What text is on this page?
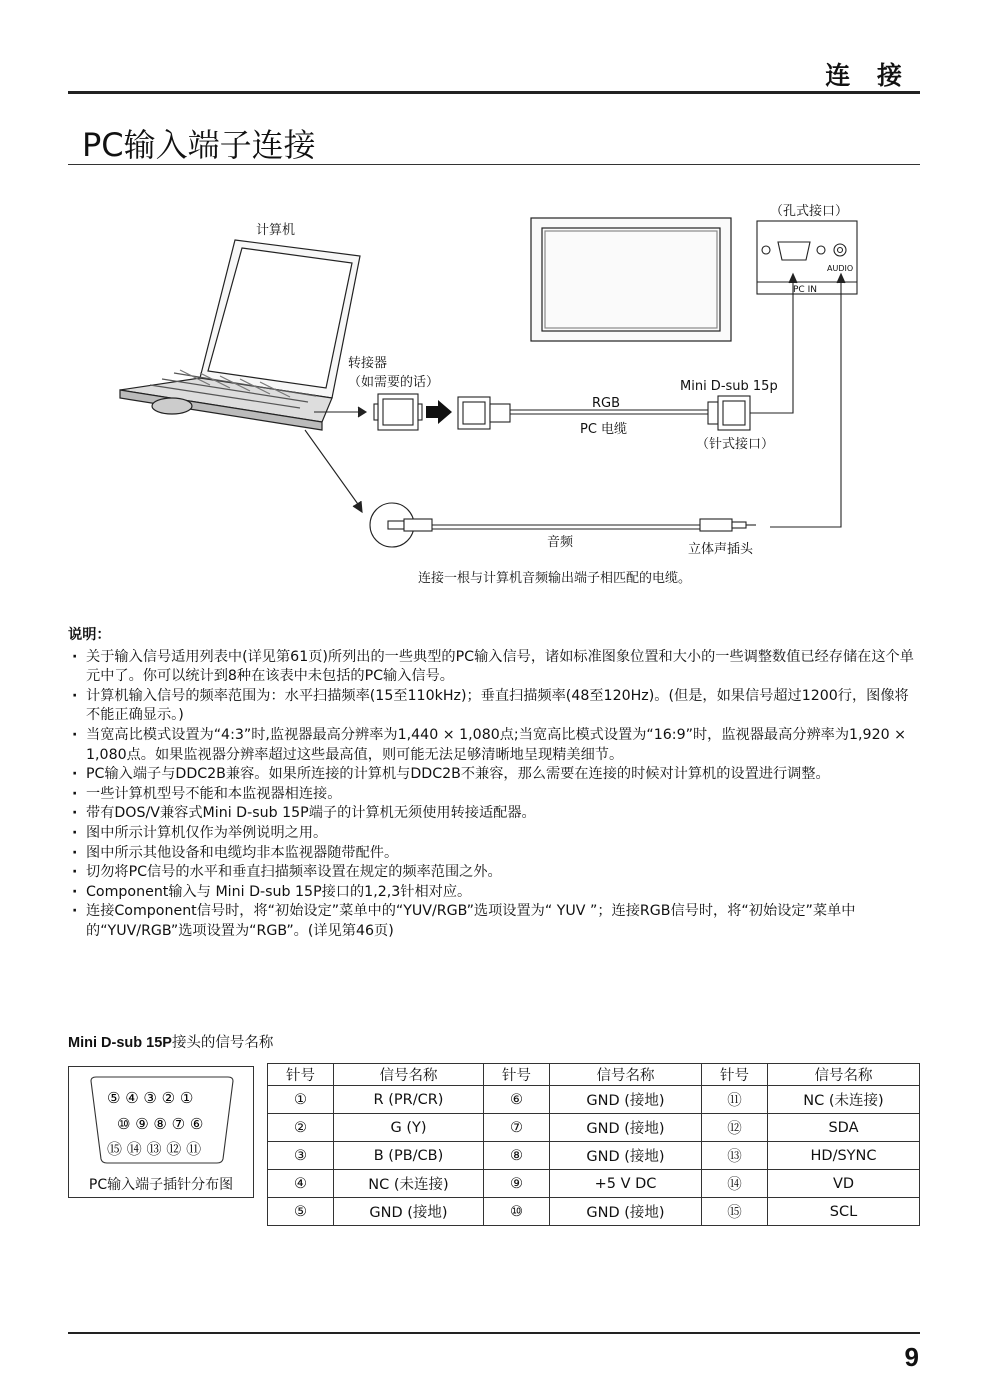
连 接
PC输入端子连接
计算机
（孔式接口）
AUDIO
PC IN
转接器
（如需要的话）	Mini D-sub 15p
RGB
PC 电缆
（针式接口）
音频	立体声插头
连接一根与计算机音频输出端子相匹配的电缆。
说明：
· 关于输入信号适用列表中(详见第61页)所列出的一些典型的PC输入信号，诸如标准图象位置和大小的一些调整数值已经存储在这个单元中了。你可以统计到8种在该表中未包括的PC输入信号。
· 计算机输入信号的频率范围为：水平扫描频率(15至110kHz)；垂直扫描频率(48至120Hz)。(但是，如果信号超过1200行，图像将不能正确显示。)
· 当宽高比模式设置为“4:3”时,监视器最高分辨率为1,440 × 1,080点;当宽高比模式设置为“16:9”时，监视器最高分辨率为1,920 × 1,080点。如果监视器分辨率超过这些最高值，则可能无法足够清晰地呈现精美细节。
· PC输入端子与DDC2B兼容。如果所连接的计算机与DDC2B不兼容，那么需要在连接的时候对计算机的设置进行调整。
· 一些计算机型号不能和本监视器相连接。
· 带有DOS/V兼容式Mini D-sub 15P端子的计算机无须使用转接适配器。
· 图中所示计算机仅作为举例说明之用。
· 图中所示其他设备和电缆均非本监视器随带配件。
· 切勿将PC信号的水平和垂直扫描频率设置在规定的频率范围之外。
· Component输入与 Mini D-sub 15P接口的1,2,3针相对应。
· 连接Component信号时，将“初始设定”菜单中的“YUV/RGB”选项设置为“ YUV ”；连接RGB信号时，将“初始设定”菜单中的“YUV/RGB”选项设置为“RGB”。(详见第46页)
Mini D-sub 15P接头的信号名称
⑤ ④ ③ ② ①
⑩ ⑨ ⑧ ⑦ ⑥
⑮ ⑭ ⑬ ⑫ ⑪
PC输入端子插针分布图
针号	信号名称	针号	信号名称	针号	信号名称
①	R (PR/CR)	⑥	GND (接地)	⑪	NC (未连接)
②	G (Y)	⑦	GND (接地)	⑫	SDA
③	B (PB/CB)	⑧	GND (接地)	⑬	HD/SYNC
④	NC (未连接)	⑨	+5 V DC	⑭	VD
⑤	GND (接地)	⑩	GND (接地)	⑮	SCL
9
